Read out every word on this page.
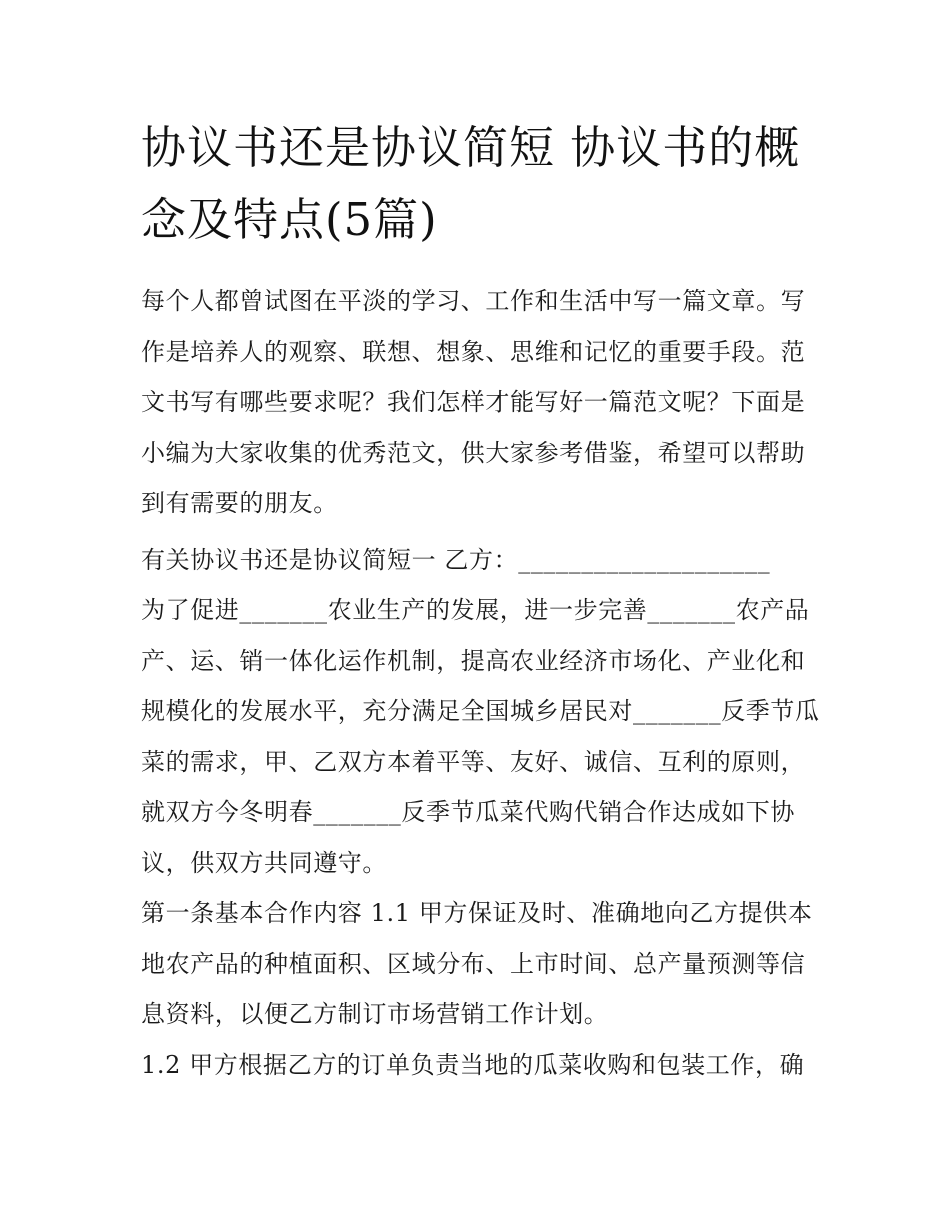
协议书还是协议简短 协议书的概念及特点(5篇)

每个人都曾试图在平淡的学习、工作和生活中写一篇文章。写作是培养人的观察、联想、想象、思维和记忆的重要手段。范文书写有哪些要求呢？我们怎样才能写好一篇范文呢？下面是小编为大家收集的优秀范文，供大家参考借鉴，希望可以帮助到有需要的朋友。

有关协议书还是协议简短一 乙方：____________________

为了促进_______农业生产的发展，进一步完善_______农产品产、运、销一体化运作机制，提高农业经济市场化、产业化和规模化的发展水平，充分满足全国城乡居民对_______反季节瓜菜的需求，甲、乙双方本着平等、友好、诚信、互利的原则，就双方今冬明春_______反季节瓜菜代购代销合作达成如下协议，供双方共同遵守。

第一条基本合作内容 1.1 甲方保证及时、准确地向乙方提供本地农产品的种植面积、区域分布、上市时间、总产量预测等信息资料，以便乙方制订市场营销工作计划。

1.2 甲方根据乙方的订单负责当地的瓜菜收购和包装工作，确
